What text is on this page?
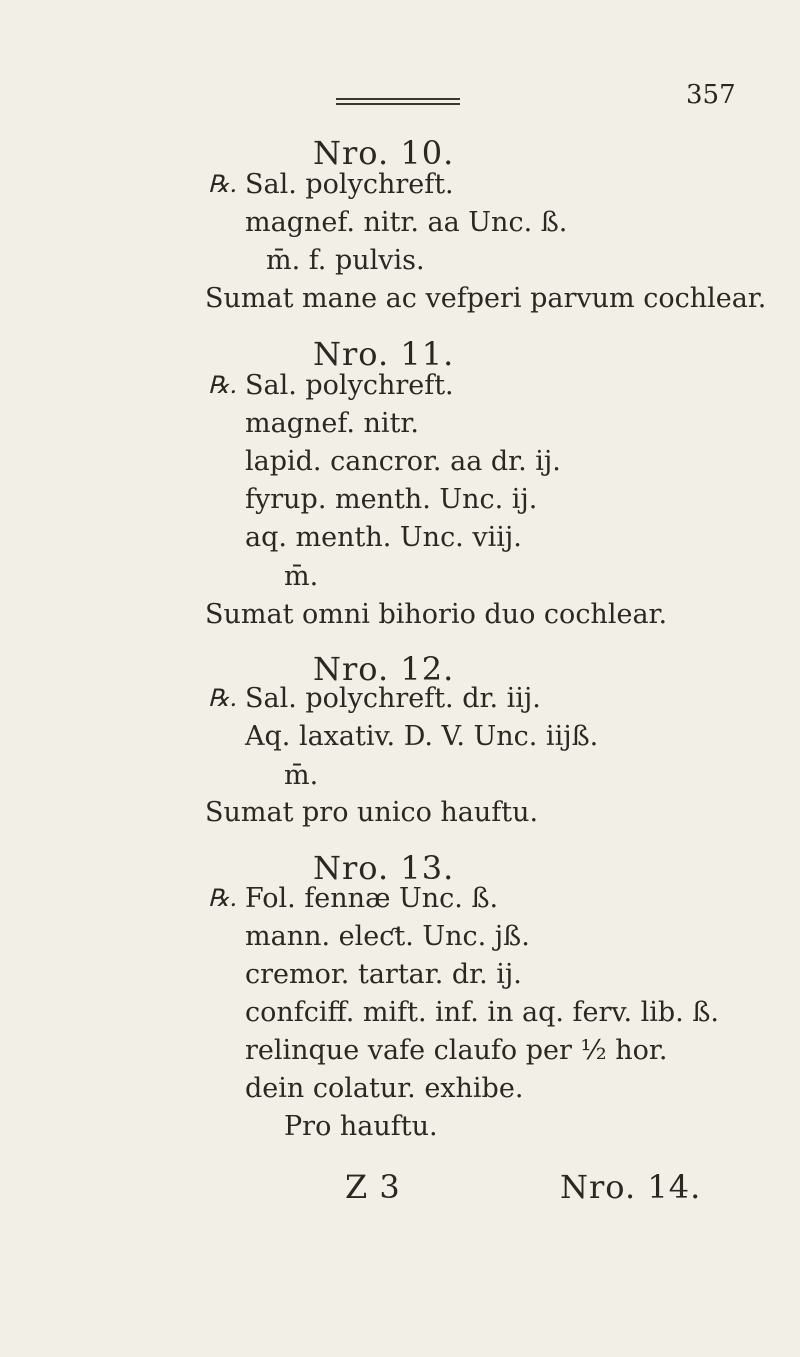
357
Nro. 10.
℞. Sal. polychreft.
magnef. nitr. aa Unc. ß.
m̄. f. pulvis.
Sumat mane ac vefperi parvum cochlear.
Nro. 11.
℞. Sal. polychreft.
magnef. nitr.
lapid. cancror. aa dr. ij.
fyrup. menth. Unc. ij.
aq. menth. Unc. viij.
m̄.
Sumat omni bihorio duo cochlear.
Nro. 12.
℞. Sal. polychreft. dr. iij.
Aq. laxativ. D. V. Unc. iijß.
m̄.
Sumat pro unico hauftu.
Nro. 13.
℞. Fol. fennæ Unc. ß.
mann. eleƈt. Unc. jß.
cremor. tartar. dr. ij.
confciff. mift. inf. in aq. ferv. lib. ß.
relinque vafe claufo per ½ hor.
dein colatur. exhibe.
Pro hauftu.
Z 3	Nro. 14.
